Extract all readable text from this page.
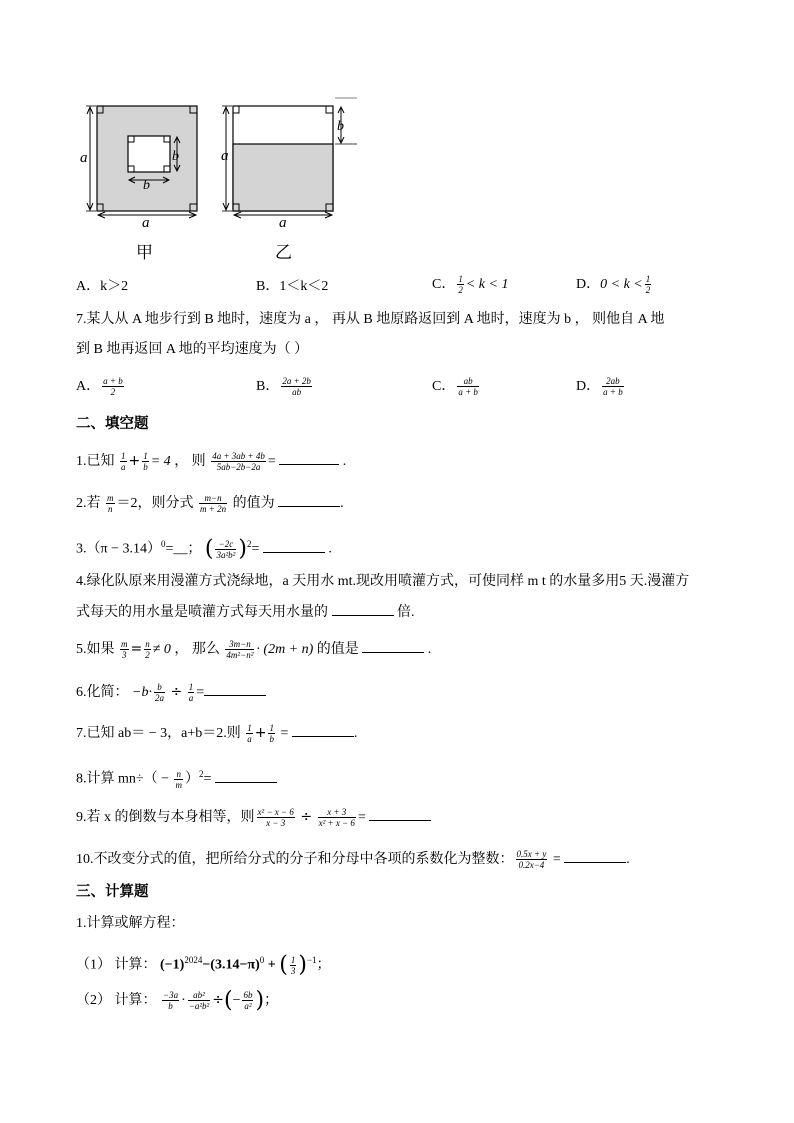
a
a
b
b
a
a
b
甲	乙
A．k＞2	B．1＜k＜2	C． $\frac{1}{2} < k < 1$	D．$0 < k < \frac{1}{2}$
7.某人从 A 地步行到 B 地时，速度为 a ， 再从 B 地原路返回到 A 地时，速度为 b ， 则他自 A 地
到 B 地再返回 A 地的平均速度为（ ）
A． $\frac{a + b}{2}$	B． $\frac{2a + 2b}{ab}$	C． $\frac{ab}{a + b}$	D． $\frac{2ab}{a + b}$
二、填空题
1.已知 $\frac{1}{a} + \frac{1}{b} = 4$ ， 则 $\frac{4a + 3ab + 4b}{5ab-2b-2a}$ =	.
2.若 $\frac{m}{n} =2$，则分式 $\frac{m-n}{m + 2n}$ 的值为	.
$3.(\pi - 3.14)^0=\_\_$； ( $\frac{-2c}{\text{3a²b²}} )^2=$	.
4.绿化队原来用漫灌方式浇绿地，a 天用水 mt.现改用喷灌方式，可使同样 m t 的水量多用5 天.漫灌方
式每天的用水量是喷灌方式每天用水量的	倍.
5.如果 $\frac{m}{3} = \frac{n}{2} \ne 0$ ， 那么 $\frac{3m-n}{\text{4m²−n²}} \cdot (2m + n)$ 的值是	.
6.化简： $-b\cdot \frac{b}{2a} \div \frac{1}{a}$ =
7.已知 ab＝ − 3，a+b＝2.则 $\frac{1}{a} + \frac{1}{b}$ =	.
8.计算 $mn\div( - \frac{n}{m} )^2=$
9.若 x 的倒数与本身相等，则 $\frac{\text{x² − x − 6}}{x - 3} \div \frac{x + 3}{\text{x² + x − 6}}$ =
10.不改变分式的值，把所给分式的分子和分母中各项的系数化为整数： $\frac{0.5x + y}{0.2x-4}$ =	.
三、计算题
1.计算或解方程：
（1） 计算： $(-1)^{2024}-(3.14-\pi)^0$ + ( $\frac{1}{3} )^{-1}$；
（2） 计算： $\frac{-3a}{b} \cdot \frac{\text{ab²}}{\text{−a²b²}}$ ÷(− $\frac{6b}{\text{a²}}$ )；
